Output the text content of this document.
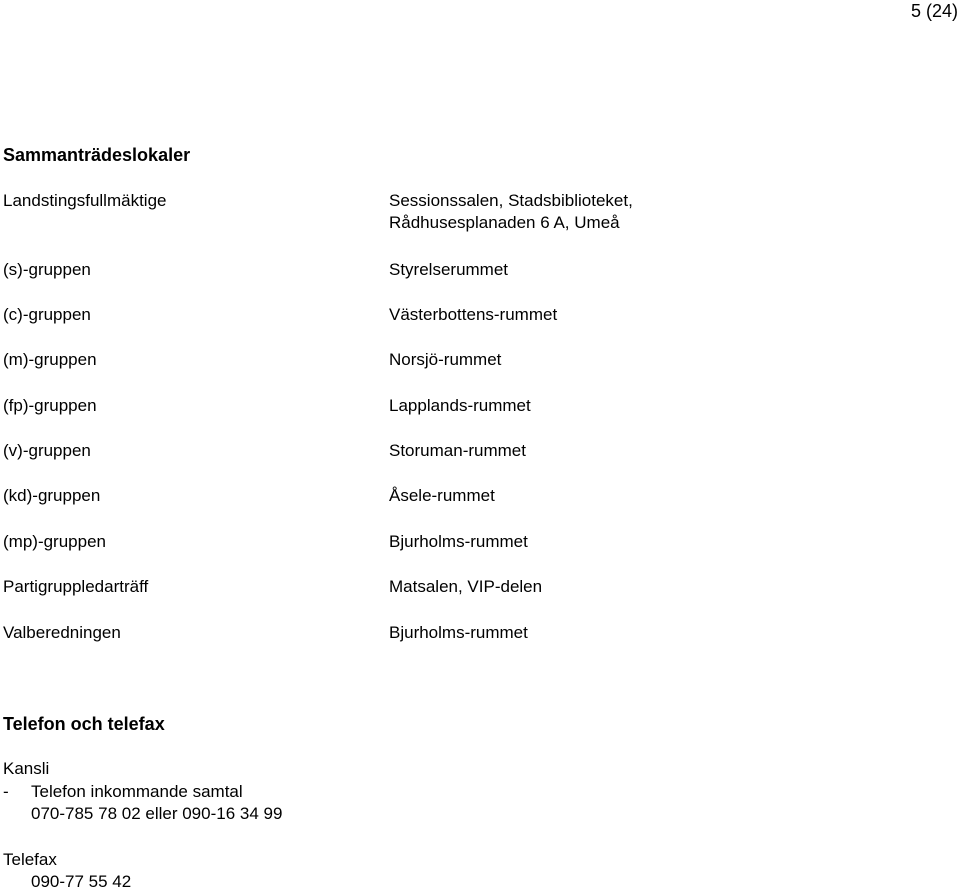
5 (24)
Sammanträdeslokaler
Landstingsfullmäktige	Sessionssalen, Stadsbiblioteket,
Rådhusesplanaden 6 A, Umeå
(s)-gruppen	Styrelserummet
(c)-gruppen	Västerbottens-rummet
(m)-gruppen	Norsjö-rummet
(fp)-gruppen	Lapplands-rummet
(v)-gruppen	Storuman-rummet
(kd)-gruppen	Åsele-rummet
(mp)-gruppen	Bjurholms-rummet
Partigruppledarträff	Matsalen, VIP-delen
Valberedningen	Bjurholms-rummet
Telefon och telefax
Kansli
- Telefon inkommande samtal
070-785 78 02 eller 090-16 34 99
Telefax
090-77 55 42
